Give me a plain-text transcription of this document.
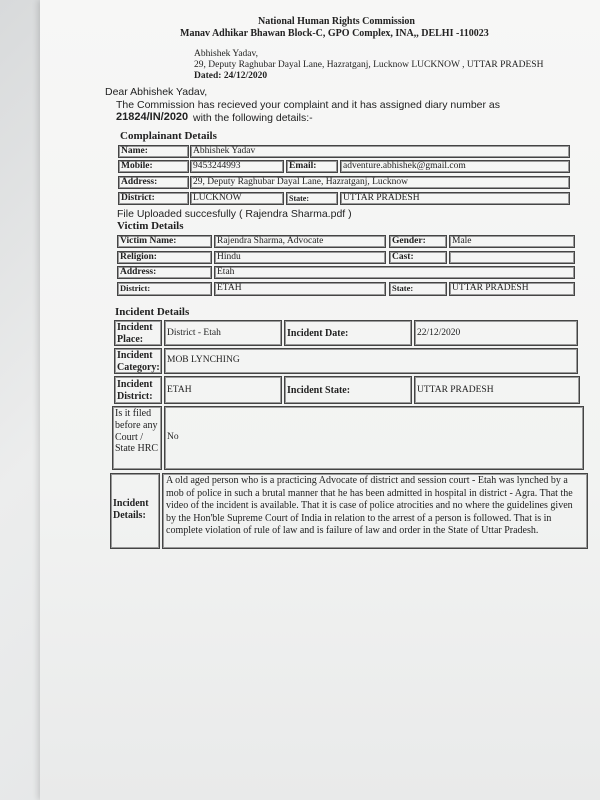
National Human Rights Commission
Manav Adhikar Bhawan Block-C, GPO Complex, INA,, DELHI -110023
Abhishek Yadav,
29, Deputy Raghubar Dayal Lane, Hazratganj, Lucknow LUCKNOW , UTTAR PRADESH
Dated: 24/12/2020
Dear Abhishek Yadav,
The Commission has recieved your complaint and it has assigned diary number as
21824/IN/2020 with the following details:-
Complainant Details
Name:	Abhishek Yadav
Mobile:	9453244993	Email:	adventure.abhishek@gmail.com
Address:	29, Deputy Raghubar Dayal Lane, Hazratganj, Lucknow
District:	LUCKNOW	State:	UTTAR PRADESH
File Uploaded succesfully ( Rajendra Sharma.pdf )
Victim Details
Victim Name:	Rajendra Sharma, Advocate	Gender:	Male
Religion:	Hindu	Cast:
Address:	Etah
District:	ETAH	State:	UTTAR PRADESH
Incident Details
Incident Place:
District - Etah	Incident Date:	22/12/2020
Incident Category:
MOB LYNCHING
Incident District:
ETAH	Incident State:	UTTAR PRADESH
Is it filed before any Court / State HRC
No
Incident Details:
A old aged person who is a practicing Advocate of district and session court - Etah was lynched by a mob of police in such a brutal manner that he has been admitted in hospital in district - Agra. That the video of the incident is available. That it is case of police atrocities and no where the guidelines given by the Hon'ble Supreme Court of India in relation to the arrest of a person is followed. That is in complete violation of rule of law and is failure of law and order in the State of Uttar Pradesh.
